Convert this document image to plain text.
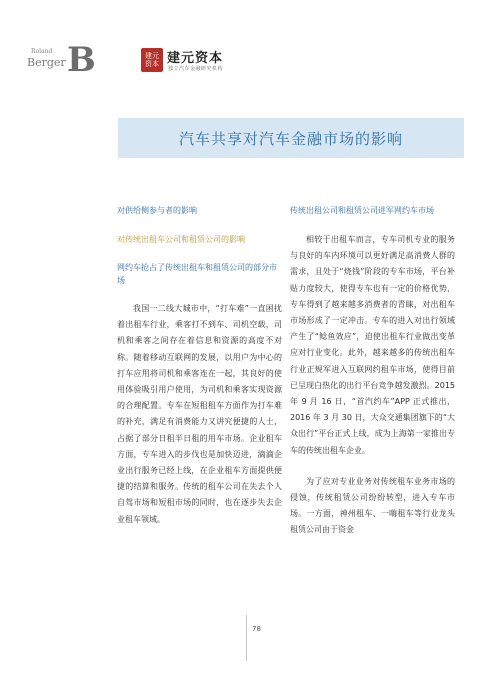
Roland
Berger B	建元资本 建元资本
独立汽车金融研究机构
汽车共享对汽车金融市场的影响
对供给侧参与者的影响
对传统出租车公司和租赁公司的影响
网约车抢占了传统出租车和租赁公司的部分市场

我国一二线大城市中，“打车难”一直困扰着出租车行业，乘客打不到车、司机空载，司机和乘客之间存在着信息和资源的高度不对称。随着移动互联网的发展，以用户为中心的打车应用将司机和乘客连在一起，其良好的使用体验吸引用户使用，为司机和乘客实现资源的合理配置。专车在短租租车方面作为打车难的补充，满足有消费能力又讲究便捷的人士，占据了部分日租半日租的用车市场。企业租车方面，专车进入的步伐也是加快迈进，滴滴企业出行服务已经上线，在企业租车方面提供便捷的结算和服务。传统的租车公司在失去个人自驾市场和短租市场的同时，也在逐步失去企业租车领域。

传统出租公司和租赁公司进军网约车市场

相较于出租车而言，专车司机专业的服务与良好的车内环境可以更好满足高消费人群的需求，且处于“烧钱”阶段的专车市场，平台补贴力度较大，使得专车也有一定的价格优势，专车得到了越来越多消费者的青睐，对出租车市场形成了一定冲击。专车的进入对出行领域产生了“鲶鱼效应”，迫使出租车行业做出变革应对行业变化。此外，越来越多的传统出租车行业正规军进入互联网约租车市场，使得目前已呈现白热化的出行平台竞争越发激烈。2015 年 9 月 16 日，“首汽约车”APP 正式推出，2016 年 3 月 30 日，大众交通集团旗下的“大众出行”平台正式上线，成为上海第一家推出专车的传统出租车企业。

为了应对专业业务对传统租车业务市场的侵蚀，传统租赁公司纷纷转型，进入专车市场。一方面，神州租车、一嗨租车等行业龙头租赁公司由于资金

78
